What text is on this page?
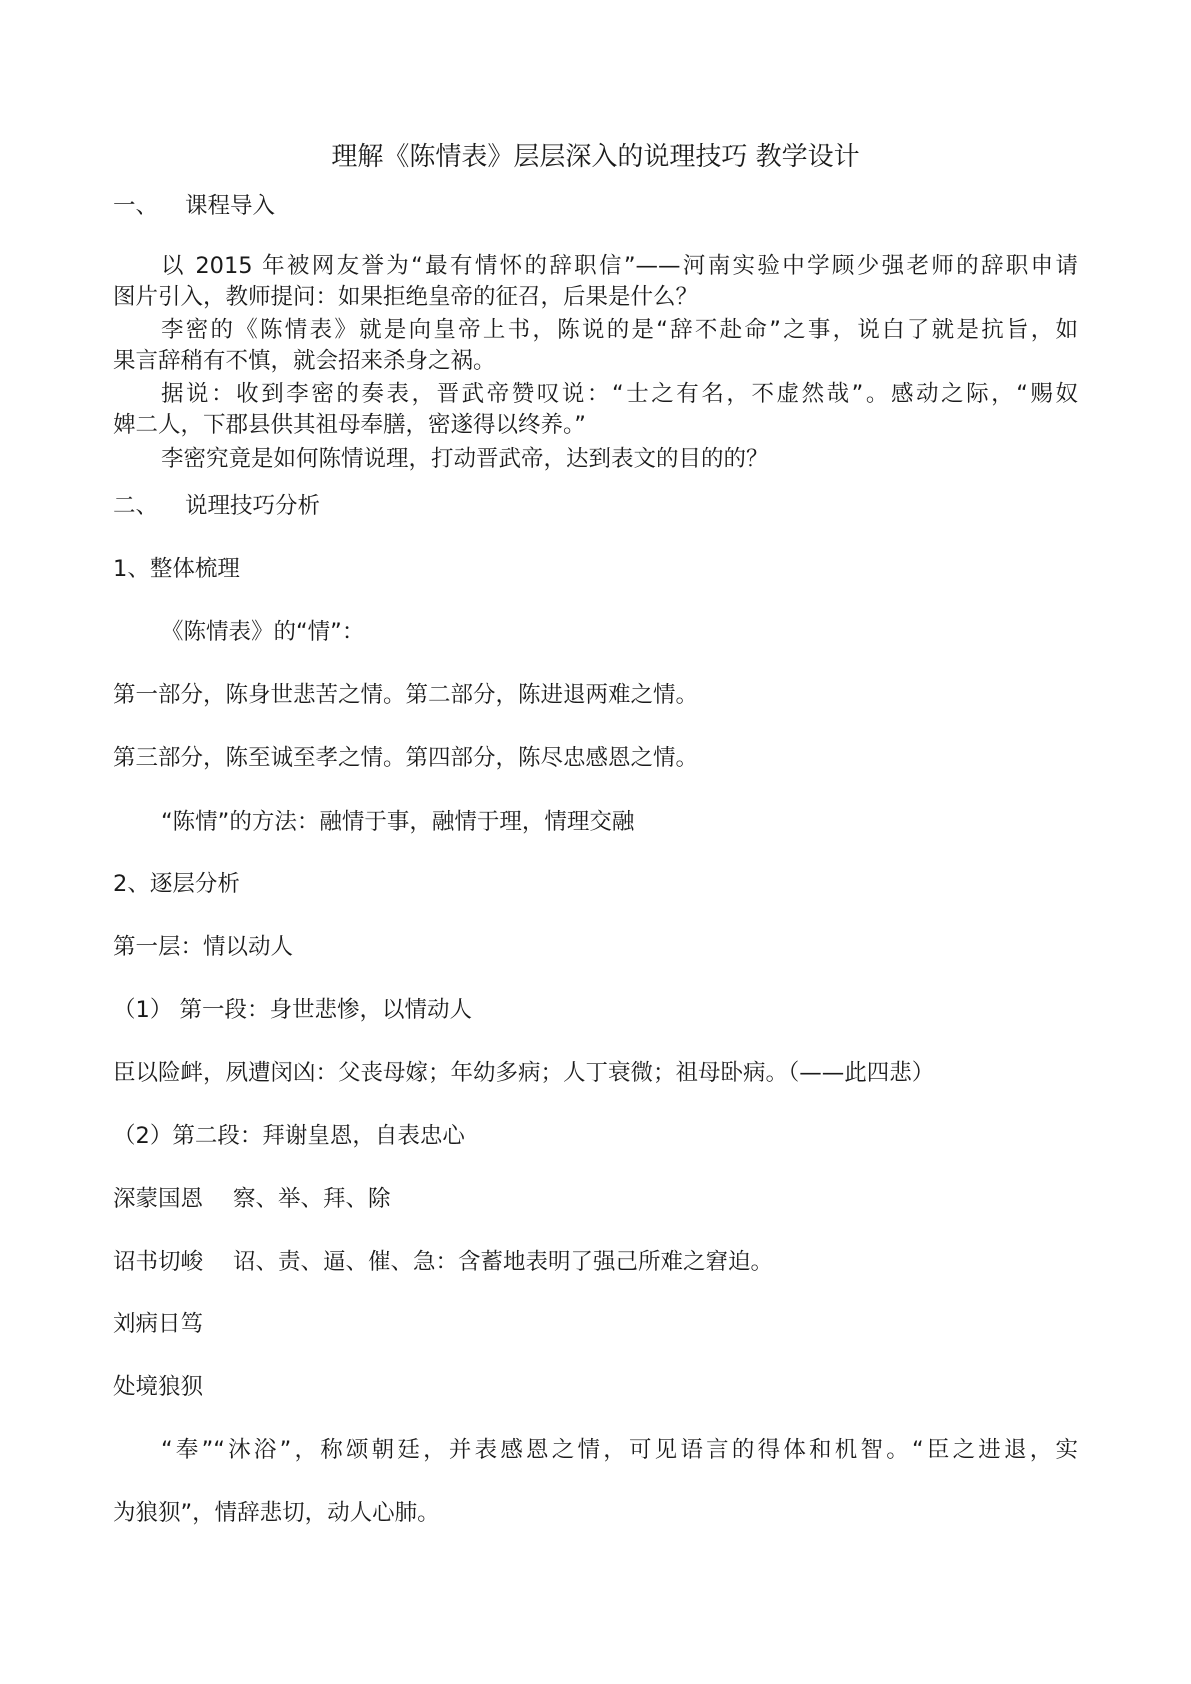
理解《陈情表》层层深入的说理技巧 教学设计
一、 课程导入
以 2015 年被网友誉为“最有情怀的辞职信”——河南实验中学顾少强老师的辞职申请
图片引入，教师提问：如果拒绝皇帝的征召，后果是什么？
李密的《陈情表》就是向皇帝上书，陈说的是“辞不赴命”之事，说白了就是抗旨，如
果言辞稍有不慎，就会招来杀身之祸。
据说：收到李密的奏表，晋武帝赞叹说：“士之有名，不虚然哉”。感动之际，“赐奴
婢二人，下郡县供其祖母奉膳，密遂得以终养。”
李密究竟是如何陈情说理，打动晋武帝，达到表文的目的的？
二、 说理技巧分析
1、整体梳理
《陈情表》的“情”：
第一部分，陈身世悲苦之情。第二部分，陈进退两难之情。
第三部分，陈至诚至孝之情。第四部分，陈尽忠感恩之情。
“陈情”的方法：融情于事，融情于理，情理交融
2、逐层分析
第一层：情以动人
（1） 第一段：身世悲惨，以情动人
臣以险衅，夙遭闵凶：父丧母嫁；年幼多病；人丁衰微；祖母卧病。（——此四悲）
（2）第二段：拜谢皇恩，自表忠心
深蒙国恩 察、举、拜、除
诏书切峻 诏、责、逼、催、急：含蓄地表明了强己所难之窘迫。
刘病日笃
处境狼狈
“奉”“沐浴”，称颂朝廷，并表感恩之情，可见语言的得体和机智。“臣之进退，实
为狼狈”，情辞悲切，动人心肺。
